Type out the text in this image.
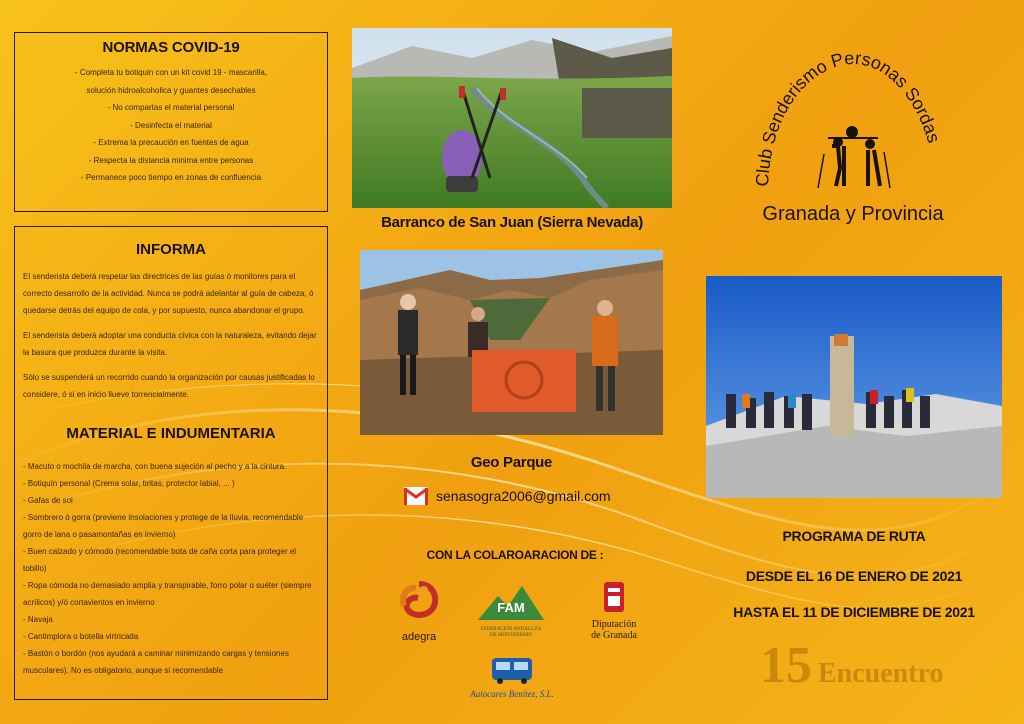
NORMAS COVID-19
- Completa tu botiquin con un kit covid 19 - mascarilla,
solución hidroalcoholica y guantes desechables
- No compartas el material personal
- Desinfecta el material
- Extrema la precaución en fuentes de agua
- Respecta la distancia minima entre personas
- Permanece poco tiempo en zonas de confluencia
INFORMA

El senderista deberá respetar las directrices de las guías ó monitores para el correcto desarrollo de la actividad. Nunca se podrá adelantar al guía de cabeza, ó quedarse detrás del equipo de cola, y por supuesto, nunca abandonar el grupo.

El senderista deberá adoptar una conducta cívica con la naturaleza, evitando dejar la basura que produzca durante la visita.

Sólo se suspenderá un recorrido cuando la organización por causas justificadas lo considere, ó si en inicio llueve torrencialmente.

MATERIAL E INDUMENTARIA
- Macuto o mochila de marcha, con buena sujeción al pecho y a la cintura.
- Botiquín personal (Crema solar, tiritas, protector labial, ... )
- Gafas de sol
- Sombrero ó gorra (previene insolaciones y protege de la lluvia, recomendable gorro de lana o pasamontañas en invierno)
- Buen calzado y cómodo (recomendable bota de caña corta para proteger el tobillo)
- Ropa cómoda no demasiado amplia y transpirable, forro polar o suéter (siempre acrílicos) y/ó cortavientos en invierno
- Navaja
- Cantimplora o botella virtricada
- Bastón o bordón (nos ayudará a caminar minimizando cargas y tensiones musculares). No es obligatorio, aunque si recomendable
Barranco de San Juan (Sierra Nevada)
Geo Parque
senasogra2006@gmail.com
CON LA COLAROARACION DE :
adegra
FAM
FEDERACIÓN ANDALUZA
DE MONTAÑISMO
Diputación
de Granada
Autocares Benítez, S.L.
Club Senderismo Personas Sordas
Granada y Provincia
PROGRAMA DE RUTA
DESDE EL 16 DE ENERO DE 2021
HASTA EL 11 DE DICIEMBRE DE 2021
15 Encuentro
